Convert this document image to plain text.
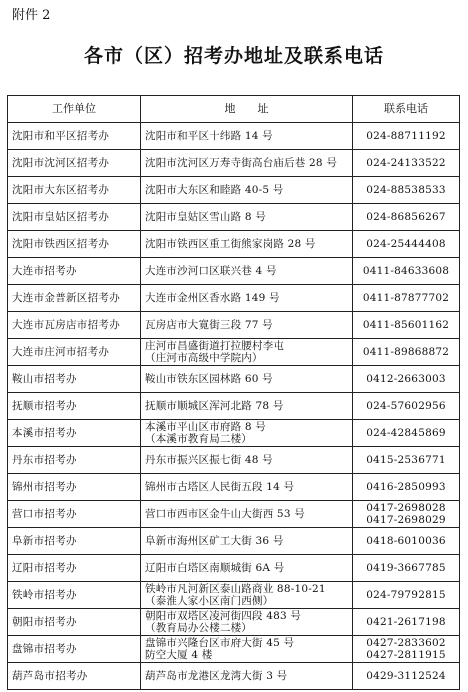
附件 2
各市（区）招考办地址及联系电话
工作单位	地　　址	联系电话
沈阳市和平区招考办	沈阳市和平区十纬路 14 号	024-88711192

沈阳市沈河区招考办	沈阳市沈河区万寿寺街高台庙后巷 28 号	024-24133522

沈阳市大东区招考办	沈阳市大东区和睦路 40-5 号	024-88538533

沈阳市皇姑区招考办	沈阳市皇姑区雪山路 8 号	024-86856267

沈阳市铁西区招考办	沈阳市铁西区重工街熊家岗路 28 号	024-25444408

大连市招考办	大连市沙河口区联兴巷 4 号	0411-84633608

大连市金普新区招考办	大连市金州区香水路 149 号	0411-87877702

大连市瓦房店市招考办	瓦房店市大寛街三段 77 号	0411-85601162

大连市庄河市招考办	庄河市昌盛街道打拉腰村李屯
（庄河市高级中学院内）	0411-89868872

鞍山市招考办	鞍山市铁东区园林路 60 号	0412-2663003

抚顺市招考办	抚顺市顺城区浑河北路 78 号	024-57602956

本溪市招考办	本溪市平山区市府路 8 号
（本溪市教育局二楼）	024-42845869

丹东市招考办	丹东市振兴区振七街 48 号	0415-2536771

锦州市招考办	锦州市古塔区人民街五段 14 号	0416-2850993

营口市招考办	营口市西市区金牛山大街西 53 号	0417-2698028
0417-2698029

阜新市招考办	阜新市海州区矿工大街 36 号	0418-6010036

辽阳市招考办	辽阳市白塔区南顺城街 6A 号	0419-3667785

铁岭市招考办	铁岭市凡河新区泰山路商业 88-10-21
（泰淮人家小区南门西侧）	024-79792815

朝阳市招考办	朝阳市双塔区凌河街四段 483 号
（教育局办公楼二楼）	0421-2617198

盘锦市招考办	盘锦市兴隆台区市府大街 45 号
防空大厦 4 楼	0427-2833602
0427-2811915

葫芦岛市招考办	葫芦岛市龙港区龙湾大街 3 号	0429-3112524
